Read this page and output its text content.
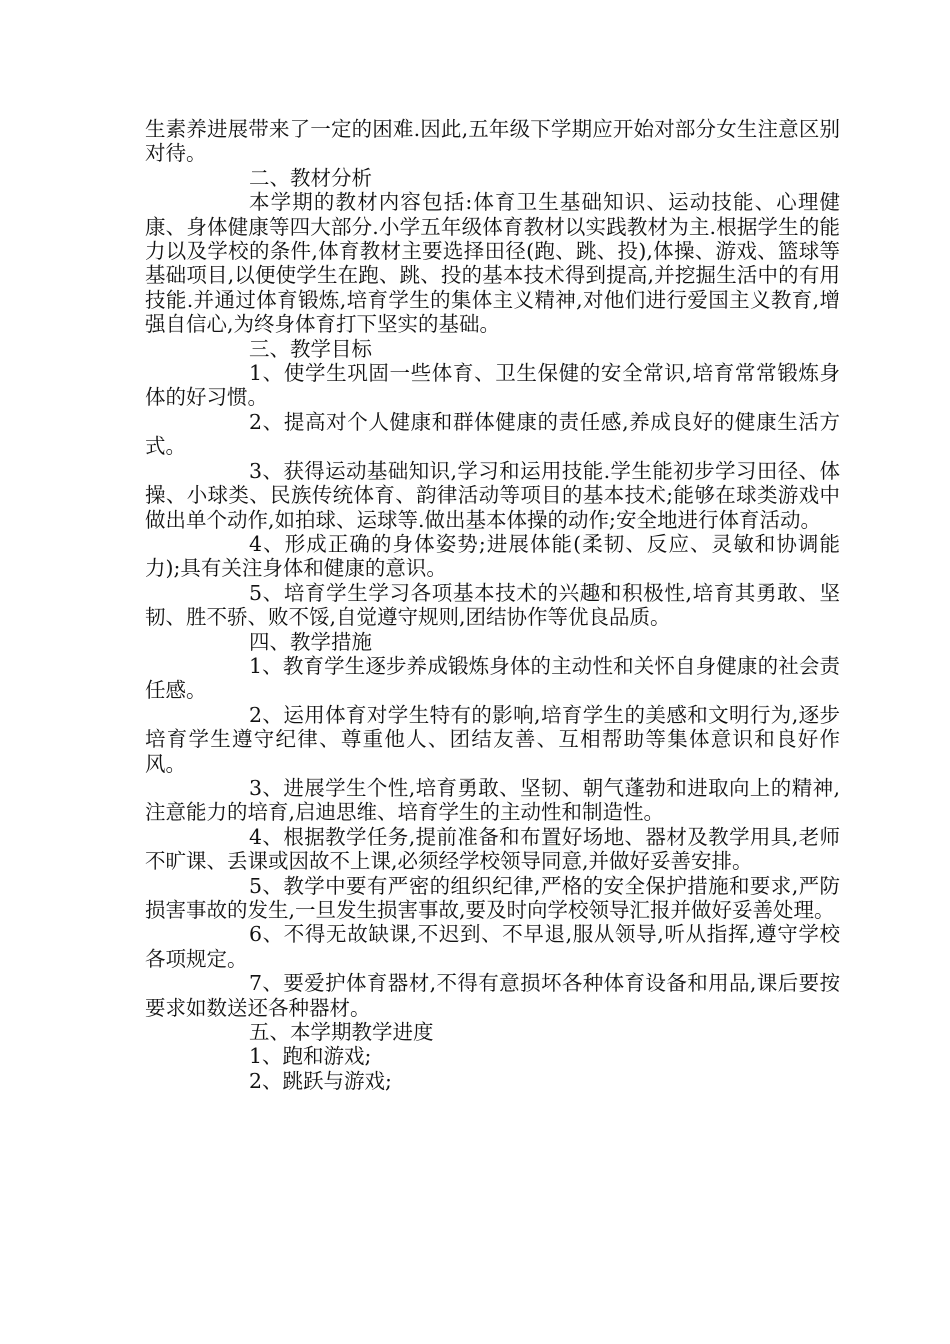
生素养进展带来了一定的困难.因此,五年级下学期应开始对部分女生注意区别对待。

二、教材分析

本学期的教材内容包括:体育卫生基础知识、运动技能、心理健康、身体健康等四大部分.小学五年级体育教材以实践教材为主.根据学生的能力以及学校的条件,体育教材主要选择田径(跑、跳、投),体操、游戏、篮球等基础项目,以便使学生在跑、跳、投的基本技术得到提高,并挖掘生活中的有用技能.并通过体育锻炼,培育学生的集体主义精神,对他们进行爱国主义教育,增强自信心,为终身体育打下坚实的基础。

三、教学目标

1、使学生巩固一些体育、卫生保健的安全常识,培育常常锻炼身体的好习惯。

2、提高对个人健康和群体健康的责任感,养成良好的健康生活方式。

3、获得运动基础知识,学习和运用技能.学生能初步学习田径、体操、小球类、民族传统体育、韵律活动等项目的基本技术;能够在球类游戏中做出单个动作,如拍球、运球等.做出基本体操的动作;安全地进行体育活动。

4、形成正确的身体姿势;进展体能(柔韧、反应、灵敏和协调能力);具有关注身体和健康的意识。

5、培育学生学习各项基本技术的兴趣和积极性,培育其勇敢、坚韧、胜不骄、败不馁,自觉遵守规则,团结协作等优良品质。

四、教学措施

1、教育学生逐步养成锻炼身体的主动性和关怀自身健康的社会责任感。

2、运用体育对学生特有的影响,培育学生的美感和文明行为,逐步培育学生遵守纪律、尊重他人、团结友善、互相帮助等集体意识和良好作风。

3、进展学生个性,培育勇敢、坚韧、朝气蓬勃和进取向上的精神,注意能力的培育,启迪思维、培育学生的主动性和制造性。

4、根据教学任务,提前准备和布置好场地、器材及教学用具,老师不旷课、丢课或因故不上课,必须经学校领导同意,并做好妥善安排。

5、教学中要有严密的组织纪律,严格的安全保护措施和要求,严防损害事故的发生,一旦发生损害事故,要及时向学校领导汇报并做好妥善处理。

6、不得无故缺课,不迟到、不早退,服从领导,听从指挥,遵守学校各项规定。

7、要爱护体育器材,不得有意损坏各种体育设备和用品,课后要按要求如数送还各种器材。

五、本学期教学进度

1、跑和游戏;

2、跳跃与游戏;
